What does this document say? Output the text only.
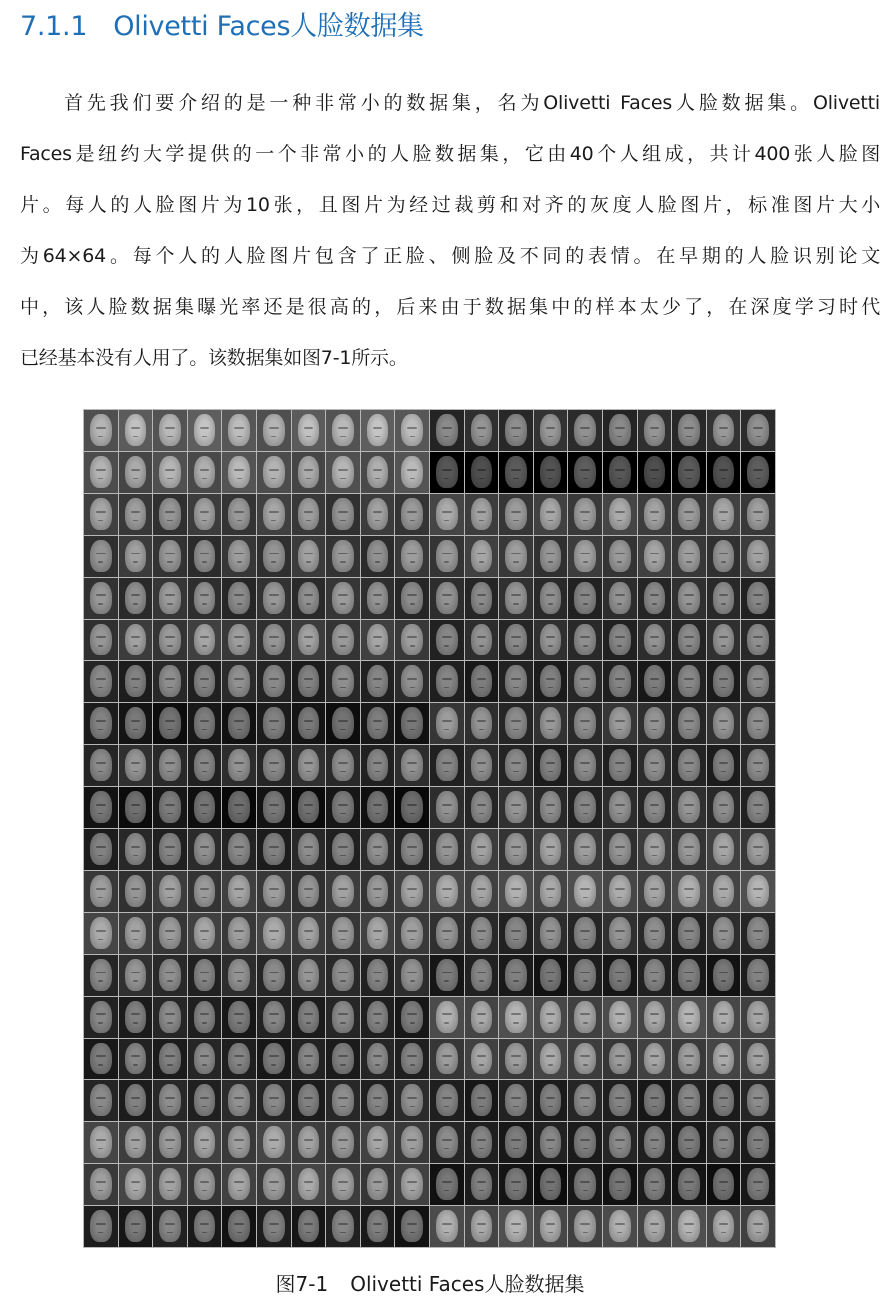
7.1.1 Olivetti Faces人脸数据集
首先我们要介绍的是一种非常小的数据集，名为Olivetti Faces人脸数据集。Olivetti
Faces是纽约大学提供的一个非常小的人脸数据集，它由40个人组成，共计400张人脸图
片。每人的人脸图片为10张，且图片为经过裁剪和对齐的灰度人脸图片，标准图片大小
为64×64。每个人的人脸图片包含了正脸、侧脸及不同的表情。在早期的人脸识别论文
中，该人脸数据集曝光率还是很高的，后来由于数据集中的样本太少了，在深度学习时代
已经基本没有人用了。该数据集如图7-1所示。
图7-1 Olivetti Faces人脸数据集
